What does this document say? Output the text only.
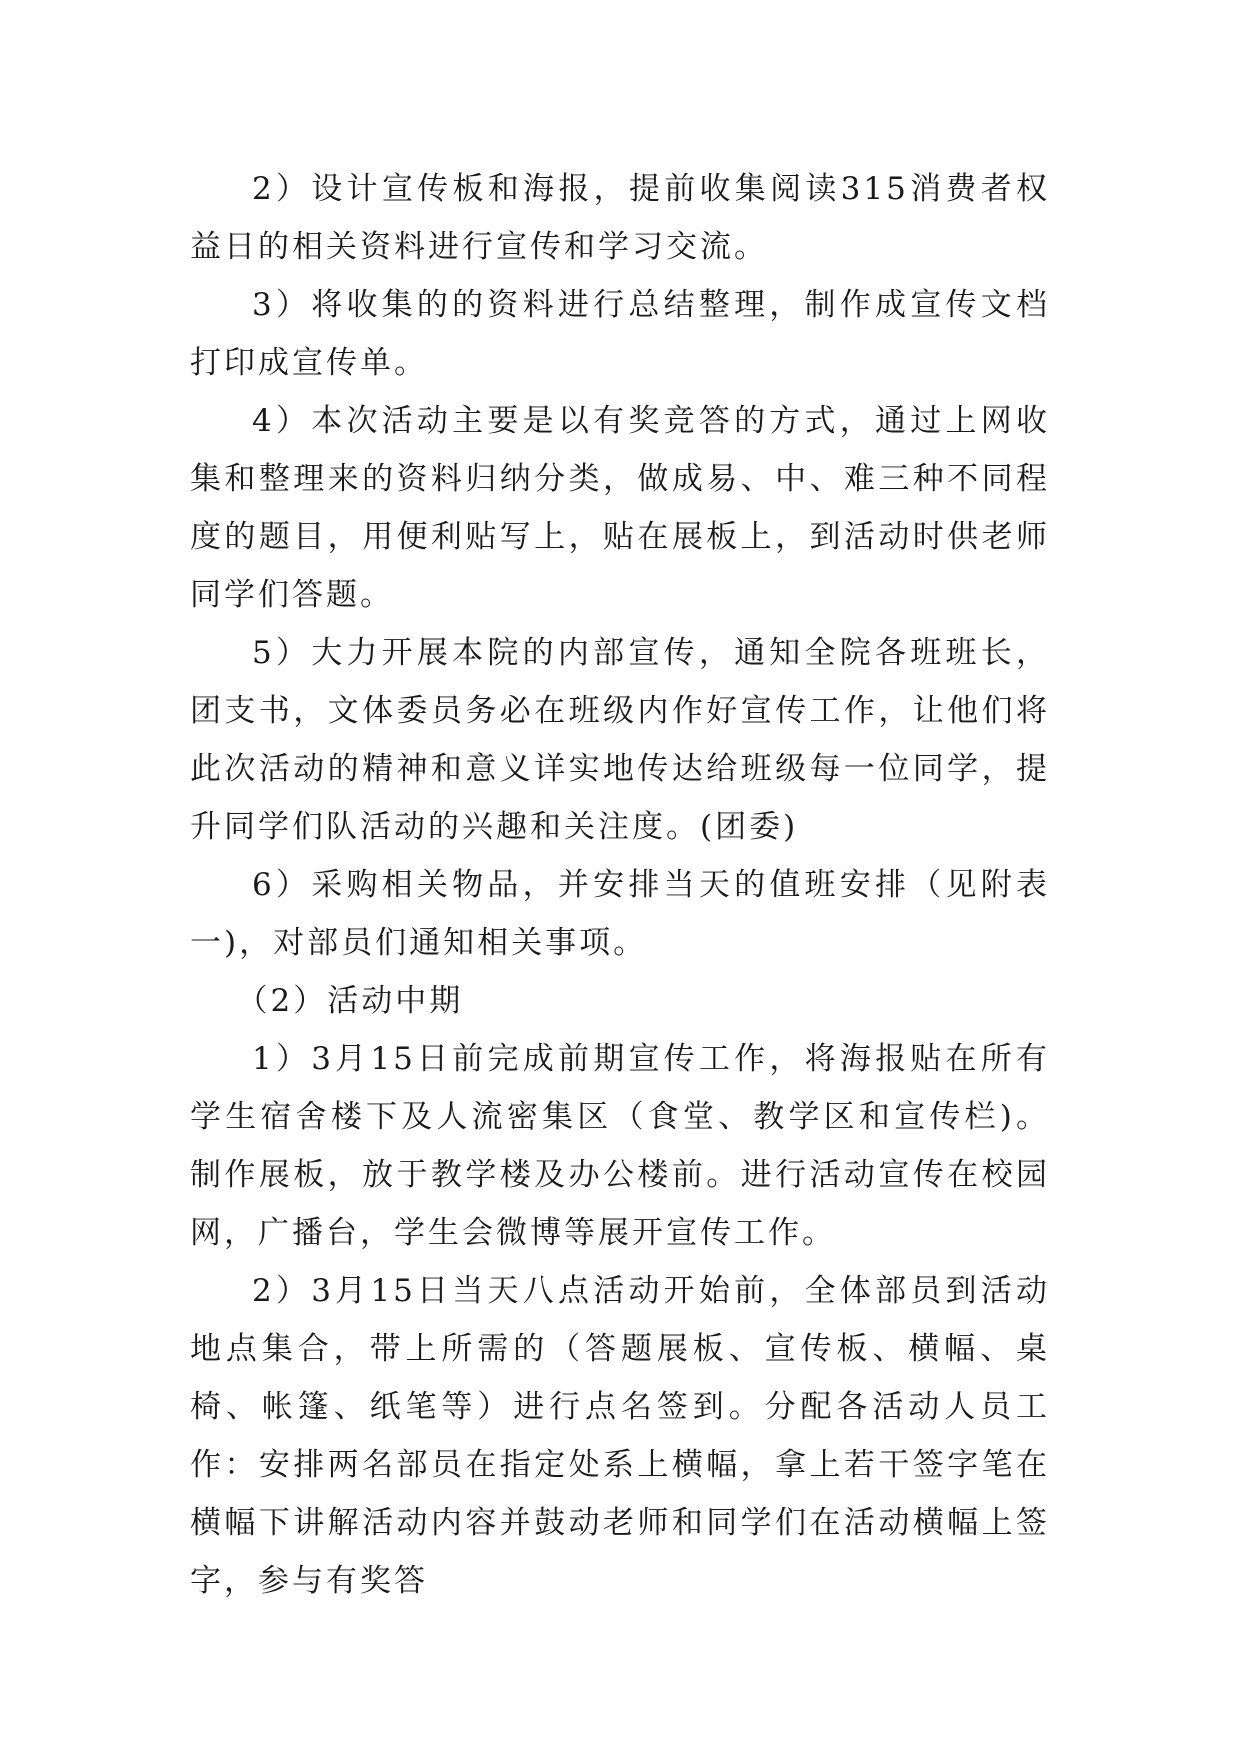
2）设计宣传板和海报，提前收集阅读315消费者权益日的相关资料进行宣传和学习交流。

3）将收集的的资料进行总结整理，制作成宣传文档打印成宣传单。

4）本次活动主要是以有奖竞答的方式，通过上网收集和整理来的资料归纳分类，做成易、中、难三种不同程度的题目，用便利贴写上，贴在展板上，到活动时供老师同学们答题。

5）大力开展本院的内部宣传，通知全院各班班长，团支书，文体委员务必在班级内作好宣传工作，让他们将此次活动的精神和意义详实地传达给班级每一位同学，提升同学们队活动的兴趣和关注度。(团委)

6）采购相关物品，并安排当天的值班安排（见附表一)，对部员们通知相关事项。

（2）活动中期

1）3月15日前完成前期宣传工作，将海报贴在所有学生宿舍楼下及人流密集区（食堂、教学区和宣传栏)。制作展板，放于教学楼及办公楼前。进行活动宣传在校园网，广播台，学生会微博等展开宣传工作。

2）3月15日当天八点活动开始前，全体部员到活动地点集合，带上所需的（答题展板、宣传板、横幅、桌椅、帐篷、纸笔等）进行点名签到。分配各活动人员工作：安排两名部员在指定处系上横幅，拿上若干签字笔在横幅下讲解活动内容并鼓动老师和同学们在活动横幅上签字，参与有奖答
